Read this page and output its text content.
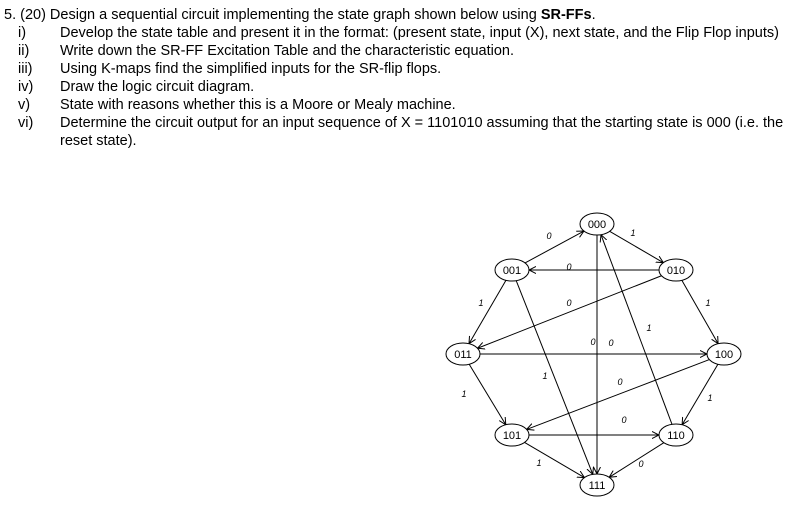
5. (20) Design a sequential circuit implementing the state graph shown below using SR-FFs.

i)	Develop the state table and present it in the format: (present state, input (X), next state, and the Flip Flop inputs)
ii)	Write down the SR-FF Excitation Table and the characteristic equation.
iii)	Using K-maps find the simplified inputs for the SR-flip flops.
iv)	Draw the logic circuit diagram.
v)	State with reasons whether this is a Moore or Mealy machine.
vi)	Determine the circuit output for an input sequence of X = 1101010 assuming that the starting state is 000 (i.e. the reset state).
0	1
0
1
1	0
0
1
1
0
1
0
0
1
1	0
000
001	010
011	100
101	110
111
